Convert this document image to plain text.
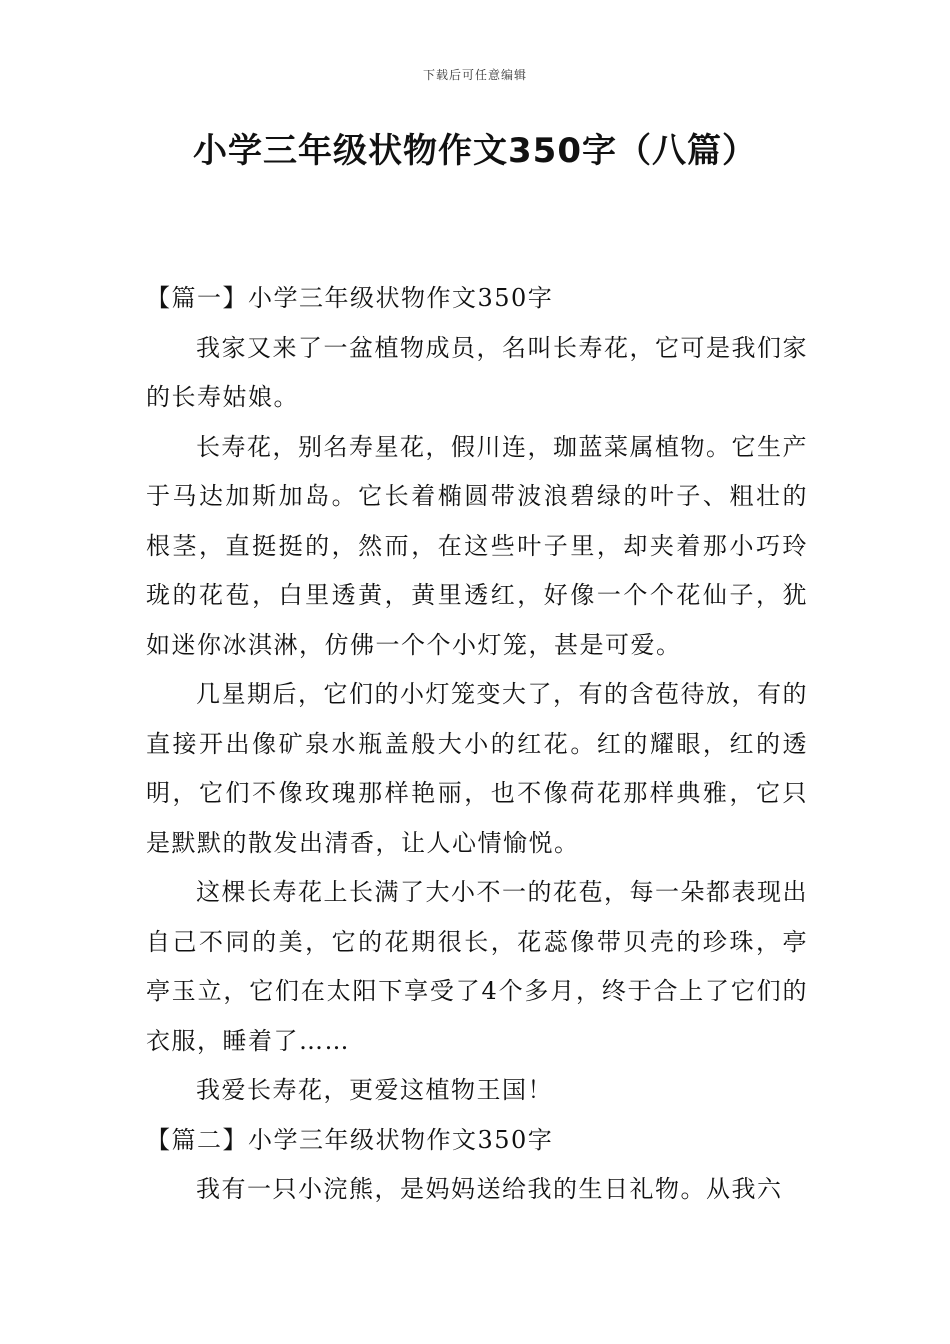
下载后可任意编辑
小学三年级状物作文350字（八篇）
【篇一】小学三年级状物作文350字

我家又来了一盆植物成员，名叫长寿花，它可是我们家的长寿姑娘。

长寿花，别名寿星花，假川连，珈蓝菜属植物。它生产于马达加斯加岛。它长着椭圆带波浪碧绿的叶子、粗壮的根茎，直挺挺的，然而，在这些叶子里，却夹着那小巧玲珑的花苞，白里透黄，黄里透红，好像一个个花仙子，犹如迷你冰淇淋，仿佛一个个小灯笼，甚是可爱。

几星期后，它们的小灯笼变大了，有的含苞待放，有的直接开出像矿泉水瓶盖般大小的红花。红的耀眼，红的透明，它们不像玫瑰那样艳丽，也不像荷花那样典雅，它只是默默的散发出清香，让人心情愉悦。

这棵长寿花上长满了大小不一的花苞，每一朵都表现出自己不同的美，它的花期很长，花蕊像带贝壳的珍珠，亭亭玉立，它们在太阳下享受了4个多月，终于合上了它们的衣服，睡着了……

我爱长寿花，更爱这植物王国！

【篇二】小学三年级状物作文350字

我有一只小浣熊，是妈妈送给我的生日礼物。从我六
